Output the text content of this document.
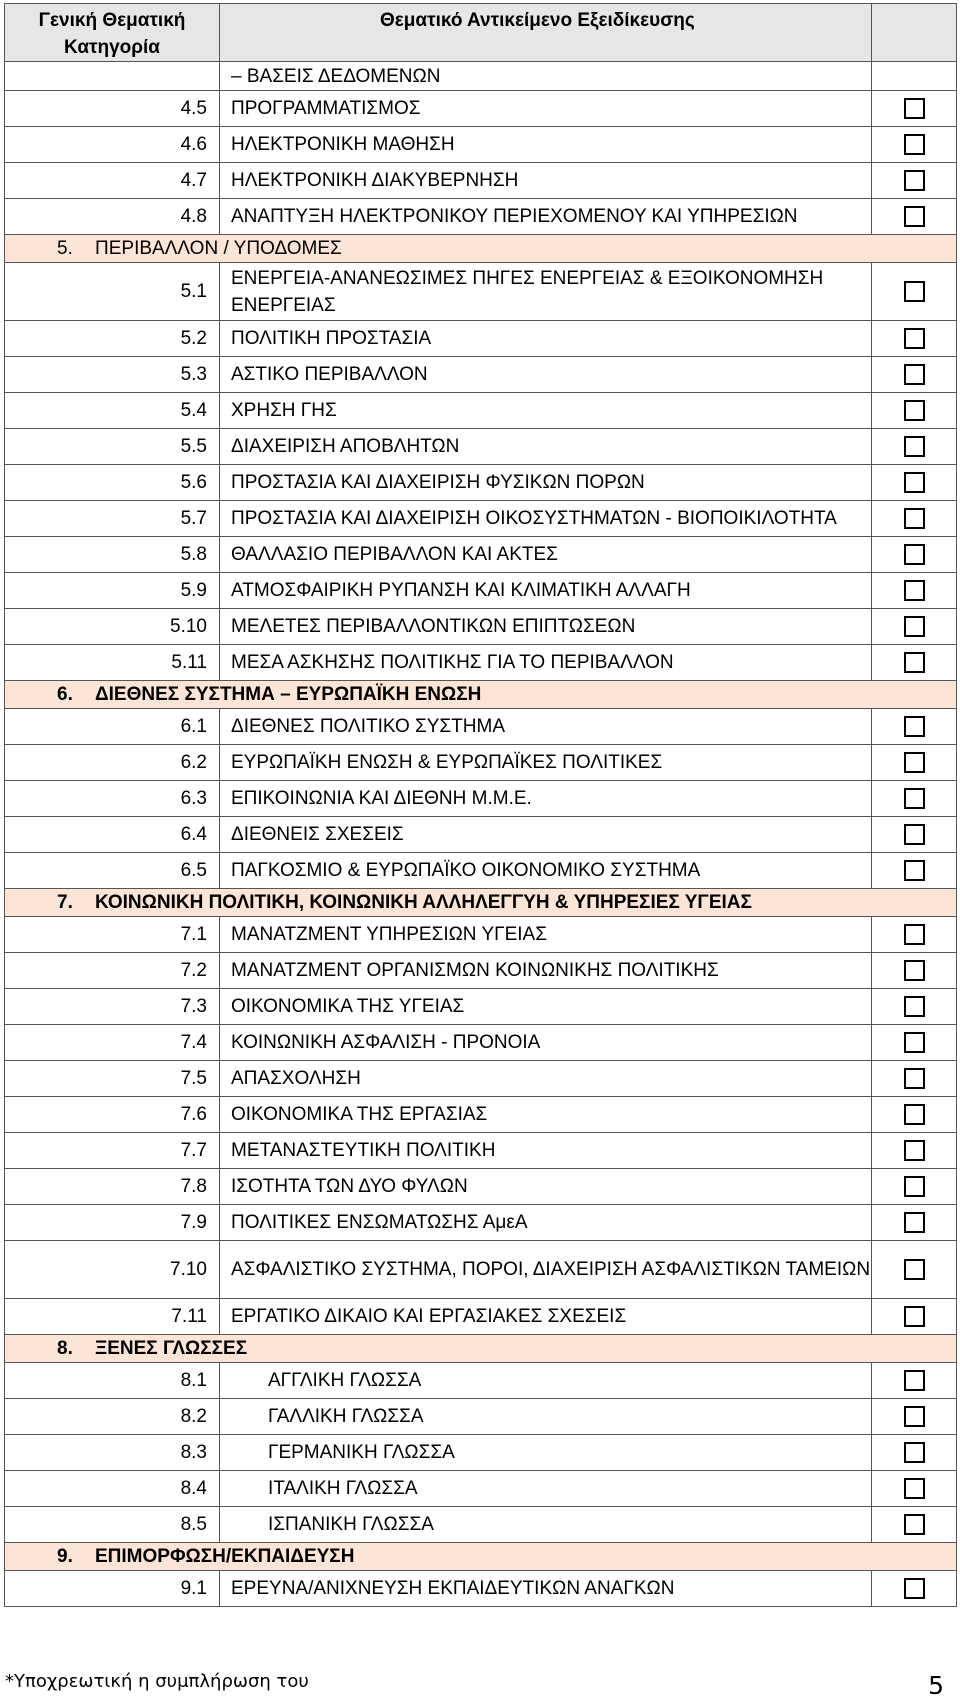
Γενική Θεματική Κατηγορία	Θεματικό Αντικείμενο Εξειδίκευσης	
	– ΒΑΣΕΙΣ ΔΕΔΟΜΕΝΩΝ	
4.5	ΠΡΟΓΡΑΜΜΑΤΙΣΜΟΣ	
4.6	ΗΛΕΚΤΡΟΝΙΚΗ ΜΑΘΗΣΗ	
4.7	ΗΛΕΚΤΡΟΝΙΚΗ ΔΙΑΚΥΒΕΡΝΗΣΗ	
4.8	ΑΝΑΠΤΥΞΗ ΗΛΕΚΤΡΟΝΙΚΟΥ ΠΕΡΙΕΧΟΜΕΝΟΥ ΚΑΙ ΥΠΗΡΕΣΙΩΝ	
5. ΠΕΡΙΒΑΛΛΟΝ / ΥΠΟΔΟΜΕΣ		
5.1	ΕΝΕΡΓΕΙΑ-ΑΝΑΝΕΩΣΙΜΕΣ ΠΗΓΕΣ ΕΝΕΡΓΕΙΑΣ & ΕΞΟΙΚΟΝΟΜΗΣΗ ΕΝΕΡΓΕΙΑΣ	
5.2	ΠΟΛΙΤΙΚΗ ΠΡΟΣΤΑΣΙΑ	
5.3	ΑΣΤΙΚΟ ΠΕΡΙΒΑΛΛΟΝ	
5.4	ΧΡΗΣΗ ΓΗΣ	
5.5	ΔΙΑΧΕΙΡΙΣΗ ΑΠΟΒΛΗΤΩΝ	
5.6	ΠΡΟΣΤΑΣΙΑ ΚΑΙ ΔΙΑΧΕΙΡΙΣΗ ΦΥΣΙΚΩΝ ΠΟΡΩΝ	
5.7	ΠΡΟΣΤΑΣΙΑ ΚΑΙ ΔΙΑΧΕΙΡΙΣΗ ΟΙΚΟΣΥΣΤΗΜΑΤΩΝ - ΒΙΟΠΟΙΚΙΛΟΤΗΤΑ	
5.8	ΘΑΛΛΑΣΙΟ ΠΕΡΙΒΑΛΛΟΝ ΚΑΙ ΑΚΤΕΣ	
5.9	ΑΤΜΟΣΦΑΙΡΙΚΗ ΡΥΠΑΝΣΗ ΚΑΙ ΚΛΙΜΑΤΙΚΗ ΑΛΛΑΓΗ	
5.10	ΜΕΛΕΤΕΣ ΠΕΡΙΒΑΛΛΟΝΤΙΚΩΝ ΕΠΙΠΤΩΣΕΩΝ	
5.11	ΜΕΣΑ ΑΣΚΗΣΗΣ ΠΟΛΙΤΙΚΗΣ ΓΙΑ ΤΟ ΠΕΡΙΒΑΛΛΟΝ	
6. ΔΙΕΘΝΕΣ ΣΥΣΤΗΜΑ – ΕΥΡΩΠΑΪΚΗ ΕΝΩΣΗ		
6.1	ΔΙΕΘΝΕΣ ΠΟΛΙΤΙΚΟ ΣΥΣΤΗΜΑ	
6.2	ΕΥΡΩΠΑΪΚΗ ΕΝΩΣΗ & ΕΥΡΩΠΑΪΚΕΣ ΠΟΛΙΤΙΚΕΣ	
6.3	ΕΠΙΚΟΙΝΩΝΙΑ ΚΑΙ ΔΙΕΘΝΗ Μ.Μ.Ε.	
6.4	ΔΙΕΘΝΕΙΣ ΣΧΕΣΕΙΣ	
6.5	ΠΑΓΚΟΣΜΙΟ & ΕΥΡΩΠΑΪΚΟ ΟΙΚΟΝΟΜΙΚΟ ΣΥΣΤΗΜΑ	
7. ΚΟΙΝΩΝΙΚΗ ΠΟΛΙΤΙΚΗ, ΚΟΙΝΩΝΙΚΗ ΑΛΛΗΛΕΓΓΥΗ & ΥΠΗΡΕΣΙΕΣ ΥΓΕΙΑΣ		
7.1	ΜΑΝΑΤΖΜΕΝΤ ΥΠΗΡΕΣΙΩΝ ΥΓΕΙΑΣ	
7.2	ΜΑΝΑΤΖΜΕΝΤ ΟΡΓΑΝΙΣΜΩΝ ΚΟΙΝΩΝΙΚΗΣ ΠΟΛΙΤΙΚΗΣ	
7.3	ΟΙΚΟΝΟΜΙΚΑ ΤΗΣ ΥΓΕΙΑΣ	
7.4	ΚΟΙΝΩΝΙΚΗ ΑΣΦΑΛΙΣΗ - ΠΡΟΝΟΙΑ	
7.5	ΑΠΑΣΧΟΛΗΣΗ	
7.6	ΟΙΚΟΝΟΜΙΚΑ ΤΗΣ ΕΡΓΑΣΙΑΣ	
7.7	ΜΕΤΑΝΑΣΤΕΥΤΙΚΗ ΠΟΛΙΤΙΚΗ	
7.8	ΙΣΟΤΗΤΑ ΤΩΝ ΔΥΟ ΦΥΛΩΝ	
7.9	ΠΟΛΙΤΙΚΕΣ ΕΝΣΩΜΑΤΩΣΗΣ ΑμεΑ	
7.10	ΑΣΦΑΛΙΣΤΙΚΟ ΣΥΣΤΗΜΑ, ΠΟΡΟΙ, ΔΙΑΧΕΙΡΙΣΗ ΑΣΦΑΛΙΣΤΙΚΩΝ ΤΑΜΕΙΩΝ	
7.11	ΕΡΓΑΤΙΚΟ ΔΙΚΑΙΟ ΚΑΙ ΕΡΓΑΣΙΑΚΕΣ ΣΧΕΣΕΙΣ	
8. ΞΕΝΕΣ ΓΛΩΣΣΕΣ		
8.1	ΑΓΓΛΙΚΗ ΓΛΩΣΣΑ	
8.2	ΓΑΛΛΙΚΗ ΓΛΩΣΣΑ	
8.3	ΓΕΡΜΑΝΙΚΗ ΓΛΩΣΣΑ	
8.4	ΙΤΑΛΙΚΗ ΓΛΩΣΣΑ	
8.5	ΙΣΠΑΝΙΚΗ ΓΛΩΣΣΑ	
9. ΕΠΙΜΟΡΦΩΣΗ/ΕΚΠΑΙΔΕΥΣΗ		
9.1	ΕΡΕΥΝΑ/ΑΝΙΧΝΕΥΣΗ ΕΚΠΑΙΔΕΥΤΙΚΩΝ ΑΝΑΓΚΩΝ	
*Υποχρεωτική η συμπλήρωση του	5
